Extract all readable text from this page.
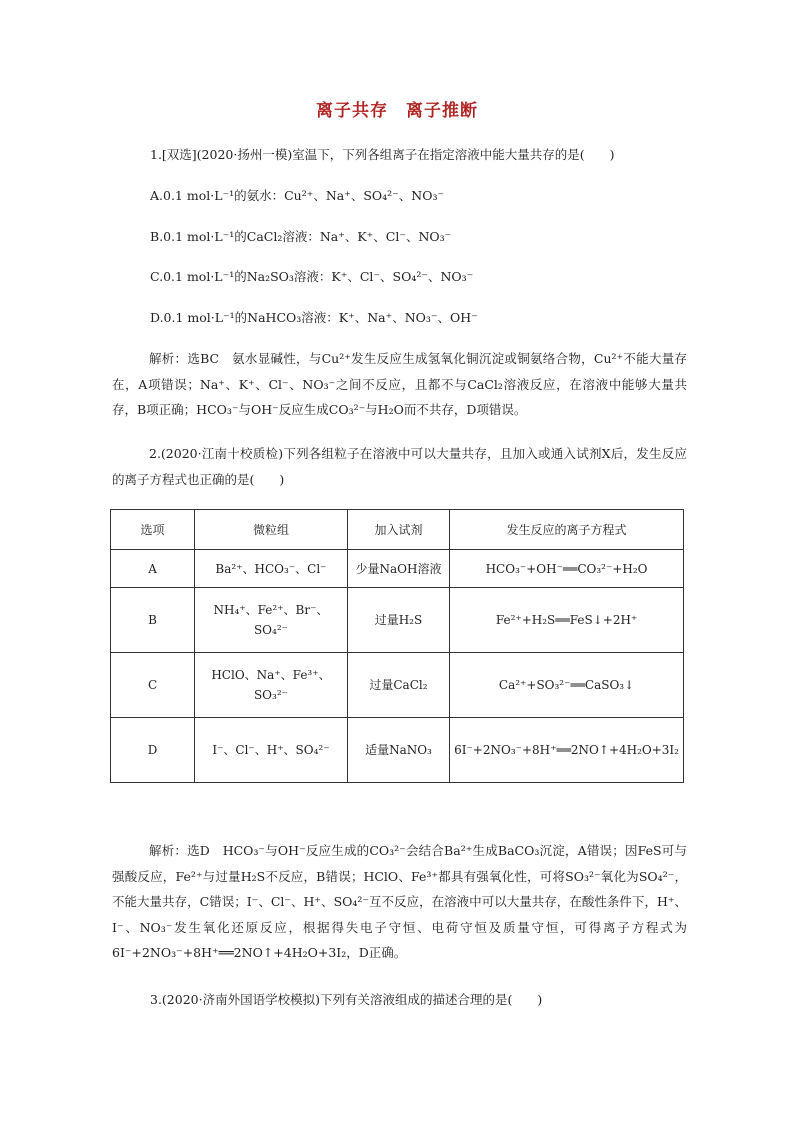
离子共存　离子推断
1.[双选](2020·扬州一模)室温下，下列各组离子在指定溶液中能大量共存的是(　　)
A.0.1 mol·L⁻¹的氨水：Cu²⁺、Na⁺、SO₄²⁻、NO₃⁻
B.0.1 mol·L⁻¹的CaCl₂溶液：Na⁺、K⁺、Cl⁻、NO₃⁻
C.0.1 mol·L⁻¹的Na₂SO₃溶液：K⁺、Cl⁻、SO₄²⁻、NO₃⁻
D.0.1 mol·L⁻¹的NaHCO₃溶液：K⁺、Na⁺、NO₃⁻、OH⁻
解析：选BC　氨水显碱性，与Cu²⁺发生反应生成氢氧化铜沉淀或铜氨络合物，Cu²⁺不能大量存在，A项错误；Na⁺、K⁺、Cl⁻、NO₃⁻之间不反应，且都不与CaCl₂溶液反应，在溶液中能够大量共存，B项正确；HCO₃⁻与OH⁻反应生成CO₃²⁻与H₂O而不共存，D项错误。
2.(2020·江南十校质检)下列各组粒子在溶液中可以大量共存，且加入或通入试剂X后，发生反应的离子方程式也正确的是(　　)
选项	微粒组	加入试剂	发生反应的离子方程式
A	Ba²⁺、HCO₃⁻、Cl⁻	少量NaOH溶液	HCO₃⁻+OH⁻══CO₃²⁻+H₂O
B	NH₄⁺、Fe²⁺、Br⁻、SO₄²⁻	过量H₂S	Fe²⁺+H₂S══FeS↓+2H⁺
C	HClO、Na⁺、Fe³⁺、SO₃²⁻	过量CaCl₂	Ca²⁺+SO₃²⁻══CaSO₃↓
D	I⁻、Cl⁻、H⁺、SO₄²⁻	适量NaNO₃	6I⁻+2NO₃⁻+8H⁺══2NO↑+4H₂O+3I₂
解析：选D　HCO₃⁻与OH⁻反应生成的CO₃²⁻会结合Ba²⁺生成BaCO₃沉淀，A错误；因FeS可与强酸反应，Fe²⁺与过量H₂S不反应，B错误；HClO、Fe³⁺都具有强氧化性，可将SO₃²⁻氧化为SO₄²⁻，不能大量共存，C错误；I⁻、Cl⁻、H⁺、SO₄²⁻互不反应，在溶液中可以大量共存，在酸性条件下，H⁺、I⁻、NO₃⁻发生氧化还原反应，根据得失电子守恒、电荷守恒及质量守恒，可得离子方程式为6I⁻+2NO₃⁻+8H⁺══2NO↑+4H₂O+3I₂，D正确。
3.(2020·济南外国语学校模拟)下列有关溶液组成的描述合理的是(　　)
